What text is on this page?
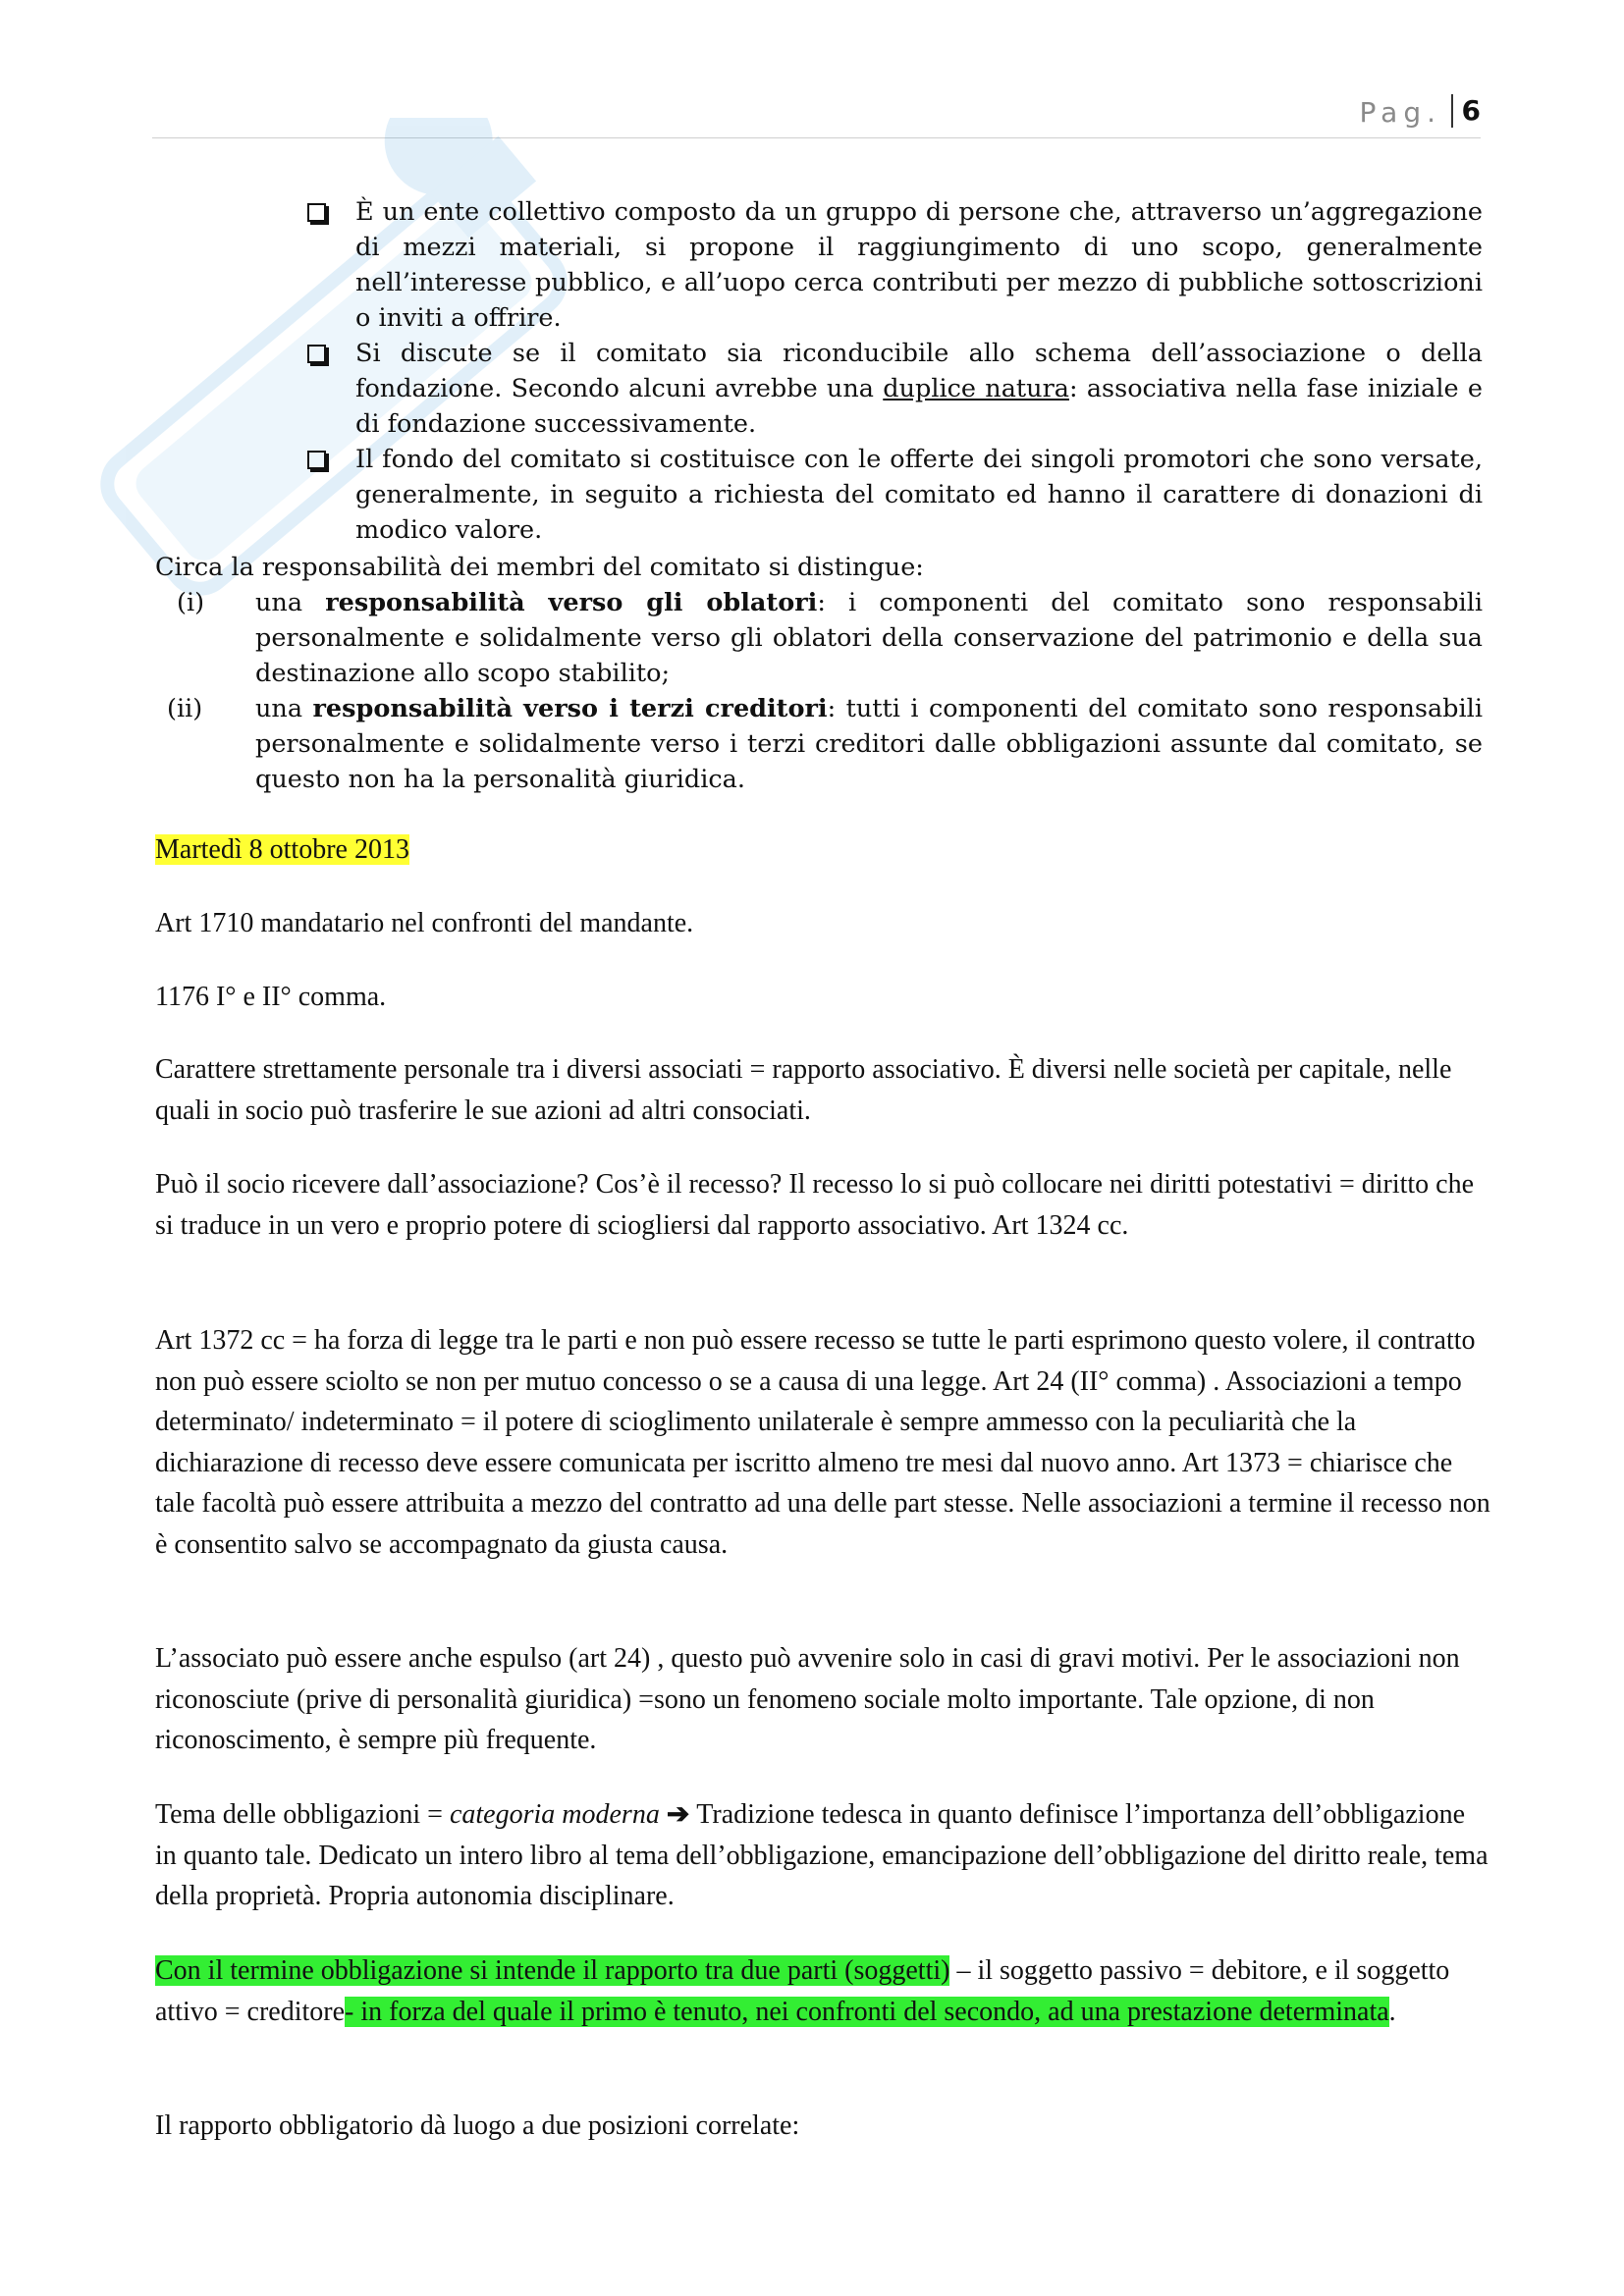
Pag. 6
È un ente collettivo composto da un gruppo di persone che, attraverso un’aggregazione di mezzi materiali, si propone il raggiungimento di uno scopo, generalmente nell’interesse pubblico, e all’uopo cerca contributi per mezzo di pubbliche sottoscrizioni o inviti a offrire.
Si discute se il comitato sia riconducibile allo schema dell’associazione o della fondazione. Secondo alcuni avrebbe una duplice natura: associativa nella fase iniziale e di fondazione successivamente.
Il fondo del comitato si costituisce con le offerte dei singoli promotori che sono versate, generalmente, in seguito a richiesta del comitato ed hanno il carattere di donazioni di modico valore.
Circa la responsabilità dei membri del comitato si distingue:
(i) una responsabilità verso gli oblatori: i componenti del comitato sono responsabili personalmente e solidalmente verso gli oblatori della conservazione del patrimonio e della sua destinazione allo scopo stabilito;
(ii) una responsabilità verso i terzi creditori: tutti i componenti del comitato sono responsabili personalmente e solidalmente verso i terzi creditori dalle obbligazioni assunte dal comitato, se questo non ha la personalità giuridica.
Martedì 8 ottobre 2013
Art 1710 mandatario nel confronti del mandante.
1176 I° e II° comma.
Carattere strettamente personale tra i diversi associati = rapporto associativo. È diversi nelle società per capitale, nelle quali in socio può trasferire le sue azioni ad altri consociati.
Può il socio ricevere dall’associazione? Cos’è il recesso? Il recesso lo si può collocare nei diritti potestativi = diritto che si traduce in un vero e proprio potere di sciogliersi dal rapporto associativo. Art 1324 cc.
Art 1372 cc = ha forza di legge tra le parti e non può essere recesso se tutte le parti esprimono questo volere, il contratto non può essere sciolto se non per mutuo concesso o se a causa di una legge. Art 24 (II° comma) . Associazioni a tempo determinato/ indeterminato = il potere di scioglimento unilaterale è sempre ammesso con la peculiarità che la dichiarazione di recesso deve essere comunicata per iscritto almeno tre mesi dal nuovo anno. Art 1373 = chiarisce che tale facoltà può essere attribuita a mezzo del contratto ad una delle part stesse. Nelle associazioni a termine il recesso non è consentito salvo se accompagnato da giusta causa.
L’associato può essere anche espulso (art 24) , questo può avvenire solo in casi di gravi motivi. Per le associazioni non riconosciute (prive di personalità giuridica) =sono un fenomeno sociale molto importante. Tale opzione, di non riconoscimento, è sempre più frequente.
Tema delle obbligazioni = categoria moderna ➔ Tradizione tedesca in quanto definisce l’importanza dell’obbligazione in quanto tale. Dedicato un intero libro al tema dell’obbligazione, emancipazione dell’obbligazione del diritto reale, tema della proprietà. Propria autonomia disciplinare.
Con il termine obbligazione si intende il rapporto tra due parti (soggetti) – il soggetto passivo = debitore, e il soggetto attivo = creditore- in forza del quale il primo è tenuto, nei confronti del secondo, ad una prestazione determinata.
Il rapporto obbligatorio dà luogo a due posizioni correlate:
